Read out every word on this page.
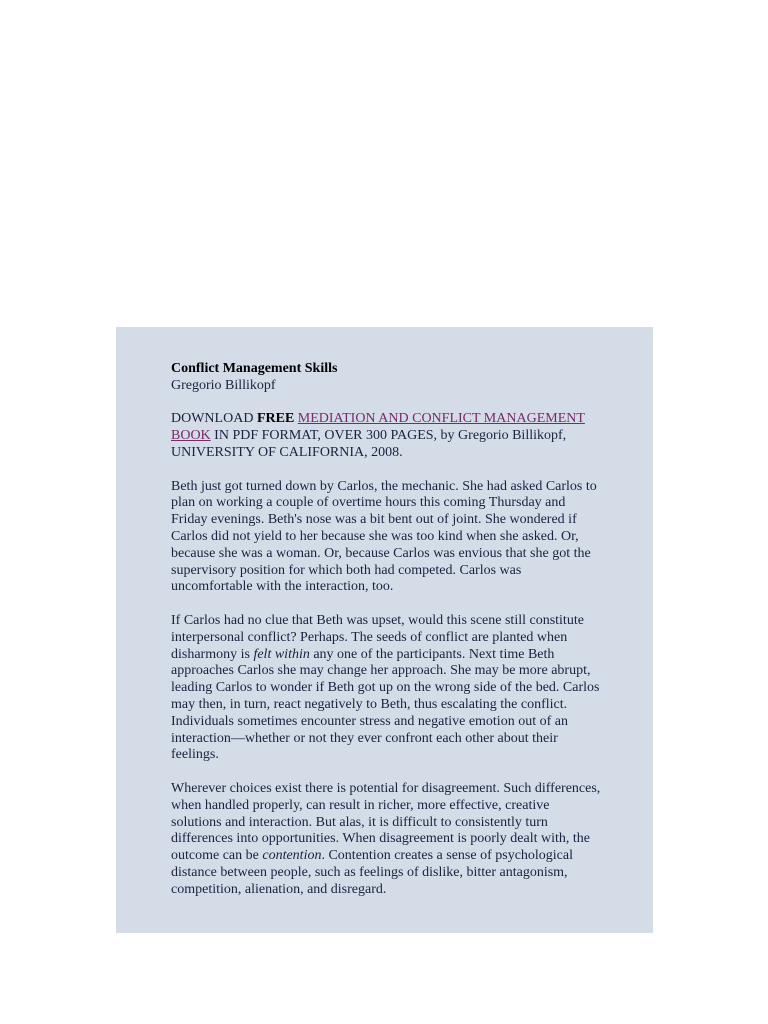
Conflict Management Skills
Gregorio Billikopf

DOWNLOAD FREE MEDIATION AND CONFLICT MANAGEMENT BOOK IN PDF FORMAT, OVER 300 PAGES, by Gregorio Billikopf, UNIVERSITY OF CALIFORNIA, 2008.

Beth just got turned down by Carlos, the mechanic. She had asked Carlos to plan on working a couple of overtime hours this coming Thursday and Friday evenings. Beth's nose was a bit bent out of joint. She wondered if Carlos did not yield to her because she was too kind when she asked. Or, because she was a woman. Or, because Carlos was envious that she got the supervisory position for which both had competed. Carlos was uncomfortable with the interaction, too.

If Carlos had no clue that Beth was upset, would this scene still constitute interpersonal conflict? Perhaps. The seeds of conflict are planted when disharmony is felt within any one of the participants. Next time Beth approaches Carlos she may change her approach. She may be more abrupt, leading Carlos to wonder if Beth got up on the wrong side of the bed. Carlos may then, in turn, react negatively to Beth, thus escalating the conflict. Individuals sometimes encounter stress and negative emotion out of an interaction—whether or not they ever confront each other about their feelings.

Wherever choices exist there is potential for disagreement. Such differences, when handled properly, can result in richer, more effective, creative solutions and interaction. But alas, it is difficult to consistently turn differences into opportunities. When disagreement is poorly dealt with, the outcome can be contention. Contention creates a sense of psychological distance between people, such as feelings of dislike, bitter antagonism, competition, alienation, and disregard.
